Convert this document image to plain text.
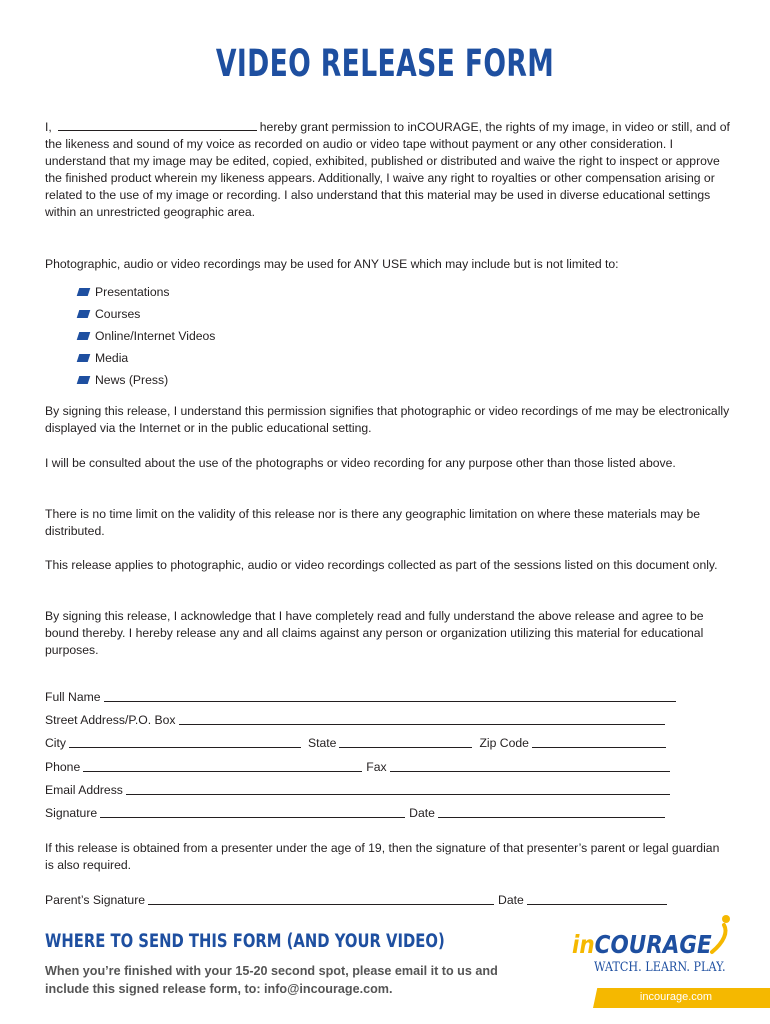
VIDEO RELEASE FORM
I,	hereby grant permission to inCOURAGE, the rights of my image, in video or still, and of the likeness and sound of my voice as recorded on audio or video tape without payment or any other consideration. I understand that my image may be edited, copied, exhibited, published or distributed and waive the right to inspect or approve the finished product wherein my likeness appears. Additionally, I waive any right to royalties or other compensation arising or related to the use of my image or recording. I also understand that this material may be used in diverse educational settings within an unrestricted geographic area.
Photographic, audio or video recordings may be used for ANY USE which may include but is not limited to:
Presentations
Courses
Online/Internet Videos
Media
News (Press)
By signing this release, I understand this permission signifies that photographic or video recordings of me may be electronically displayed via the Internet or in the public educational setting.
I will be consulted about the use of the photographs or video recording for any purpose other than those listed above.
There is no time limit on the validity of this release nor is there any geographic limitation on where these materials may be distributed.
This release applies to photographic, audio or video recordings collected as part of the sessions listed on this document only.
By signing this release, I acknowledge that I have completely read and fully understand the above release and agree to be bound thereby. I hereby release any and all claims against any person or organization utilizing this material for educational purposes.
Full Name
Street Address/P.O. Box
City	State	Zip Code
Phone	Fax
Email Address
Signature	Date
If this release is obtained from a presenter under the age of 19, then the signature of that presenter’s parent or legal guardian is also required.
Parent’s Signature	Date
WHERE TO SEND THIS FORM (AND YOUR VIDEO)
When you’re finished with your 15-20 second spot, please email it to us and include this signed release form, to: info@incourage.com.
inCOURAGE
WATCH. LEARN. PLAY.
incourage.com
